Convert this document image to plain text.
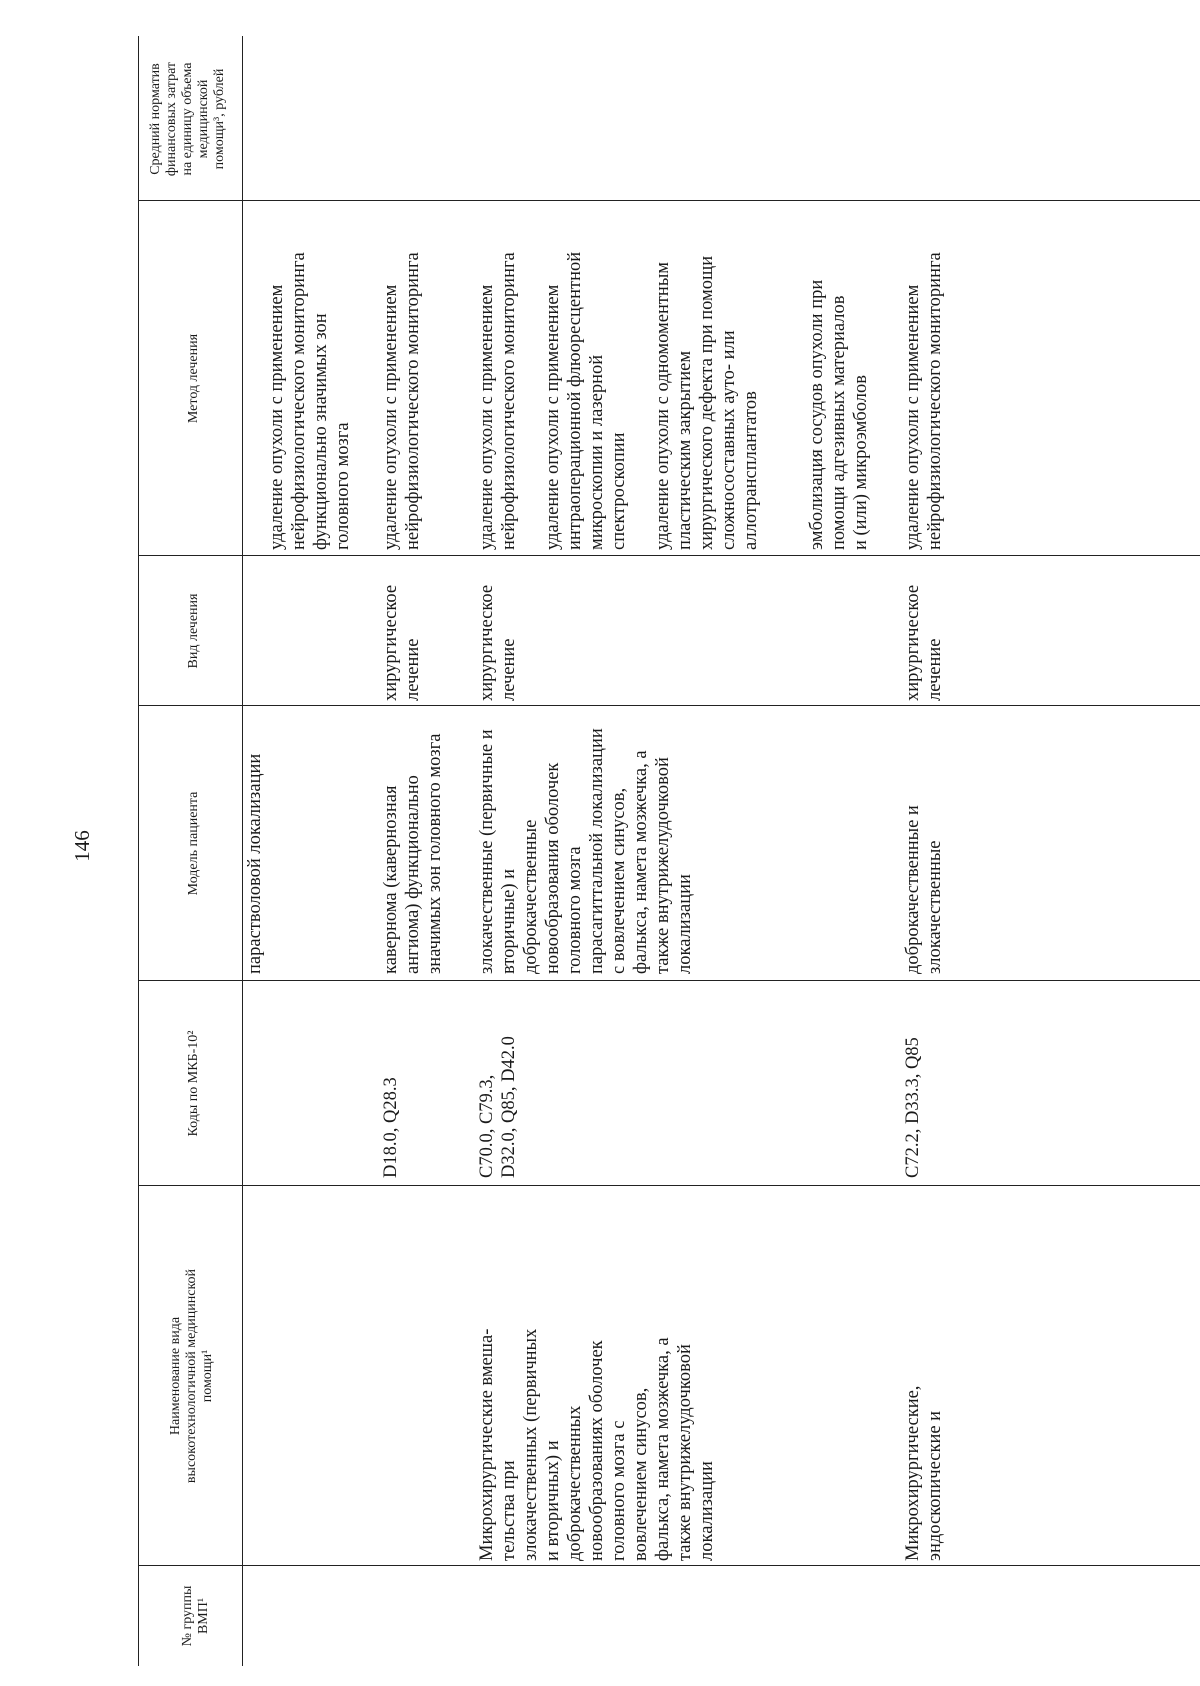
146
№ группы ВМП¹
Наименование вида высокотехнологичной медицинской помощи¹
Коды по МКБ-10²
Модель пациента
Вид лечения
Метод лечения
Средний норматив финансовых затрат на единицу объема медицинской помощи³, рублей
парастволовой локализации
удаление опухоли с применением нейрофизиологического мониторинга функционально значимых зон головного мозга
D18.0, Q28.3
кавернома (кавернозная ангиома) функционально значимых зон головного мозга
хирургическое лечение
удаление опухоли с применением нейрофизиологического мониторинга
Микрохирургические вмеша- тельства при злокачественных (первичных и вторичных) и доброкачественных новообразованиях оболочек головного мозга с вовлечением синусов, фалькса, намета мозжечка, а также внутрижелудочковой локализации
C70.0, C79.3, D32.0, Q85, D42.0
злокачественные (первичные и вторичные) и доброкачественные новообразования оболочек головного мозга парасагиттальной локализации с вовлечением синусов, фалькса, намета мозжечка, а также внутрижелудочковой локализации
хирургическое лечение
удаление опухоли с применением нейрофизиологического мониторинга удаление опухоли с применением интраоперационной флюоресцентной микроскопии и лазерной спектроскопии удаление опухоли с одномоментным пластическим закрытием хирургического дефекта при помощи сложносоставных ауто- или аллотрансплантатов эмболизация сосудов опухоли при помощи адгезивных материалов и (или) микроэмболов
Микрохирургические, эндоскопические и
C72.2, D33.3, Q85
доброкачественные и злокачественные
хирургическое лечение
удаление опухоли с применением нейрофизиологического мониторинга
